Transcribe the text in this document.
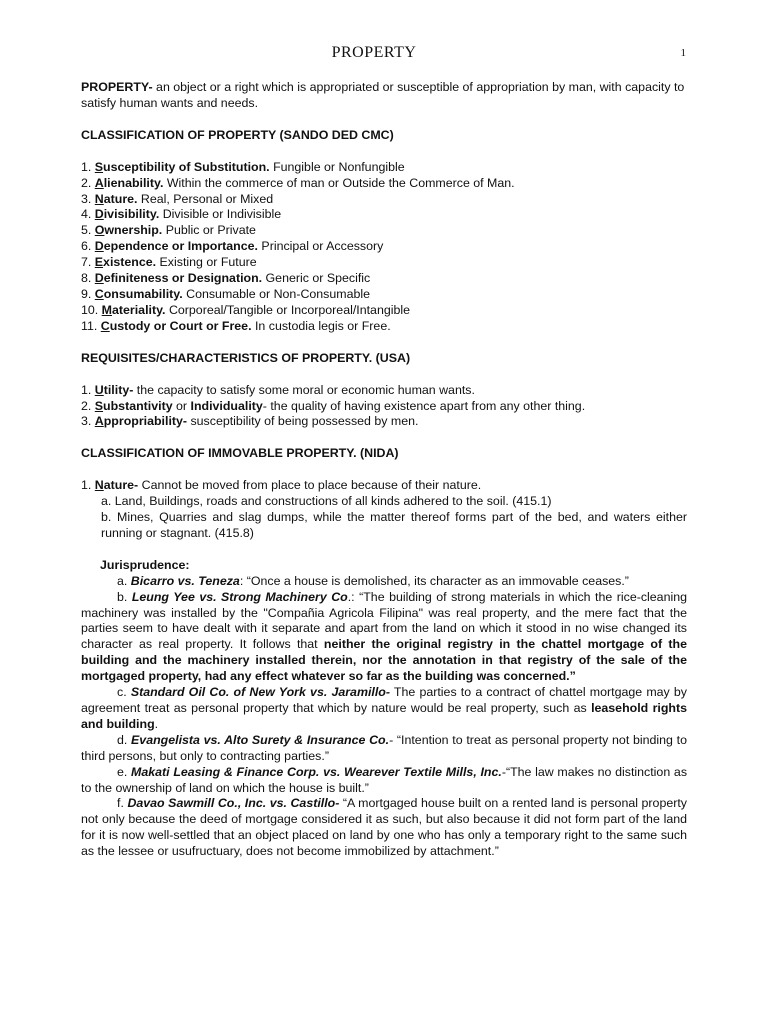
PROPERTY	1

PROPERTY- an object or a right which is appropriated or susceptible of appropriation by man, with capacity to satisfy human wants and needs.

CLASSIFICATION OF PROPERTY (SANDO DED CMC)

1. Susceptibility of Substitution. Fungible or Nonfungible

2. Alienability. Within the commerce of man or Outside the Commerce of Man.

3. Nature. Real, Personal or Mixed

4. Divisibility. Divisible or Indivisible

5. Ownership. Public or Private

6. Dependence or Importance. Principal or Accessory

7. Existence. Existing or Future

8. Definiteness or Designation. Generic or Specific

9. Consumability. Consumable or Non-Consumable

10. Materiality. Corporeal/Tangible or Incorporeal/Intangible

11. Custody or Court or Free. In custodia legis or Free.

REQUISITES/CHARACTERISTICS OF PROPERTY. (USA)

1. Utility- the capacity to satisfy some moral or economic human wants.

2. Substantivity or Individuality- the quality of having existence apart from any other thing.

3. Appropriability- susceptibility of being possessed by men.

CLASSIFICATION OF IMMOVABLE PROPERTY. (NIDA)

1. Nature- Cannot be moved from place to place because of their nature.

a. Land, Buildings, roads and constructions of all kinds adhered to the soil. (415.1)

b. Mines, Quarries and slag dumps, while the matter thereof forms part of the bed, and waters either running or stagnant. (415.8)

Jurisprudence:

a. Bicarro vs. Teneza: “Once a house is demolished, its character as an immovable ceases.”

b. Leung Yee vs. Strong Machinery Co.: “The building of strong materials in which the rice-cleaning machinery was installed by the "Compañia Agricola Filipina" was real property, and the mere fact that the parties seem to have dealt with it separate and apart from the land on which it stood in no wise changed its character as real property. It follows that neither the original registry in the chattel mortgage of the building and the machinery installed therein, nor the annotation in that registry of the sale of the mortgaged property, had any effect whatever so far as the building was concerned.”

c. Standard Oil Co. of New York vs. Jaramillo- The parties to a contract of chattel mortgage may by agreement treat as personal property that which by nature would be real property, such as leasehold rights and building.

d. Evangelista vs. Alto Surety & Insurance Co.- “Intention to treat as personal property not binding to third persons, but only to contracting parties.”

e. Makati Leasing & Finance Corp. vs. Wearever Textile Mills, Inc.-“The law makes no distinction as to the ownership of land on which the house is built.”

f. Davao Sawmill Co., Inc. vs. Castillo- “A mortgaged house built on a rented land is personal property not only because the deed of mortgage considered it as such, but also because it did not form part of the land for it is now well-settled that an object placed on land by one who has only a temporary right to the same such as the lessee or usufructuary, does not become immobilized by attachment.”
